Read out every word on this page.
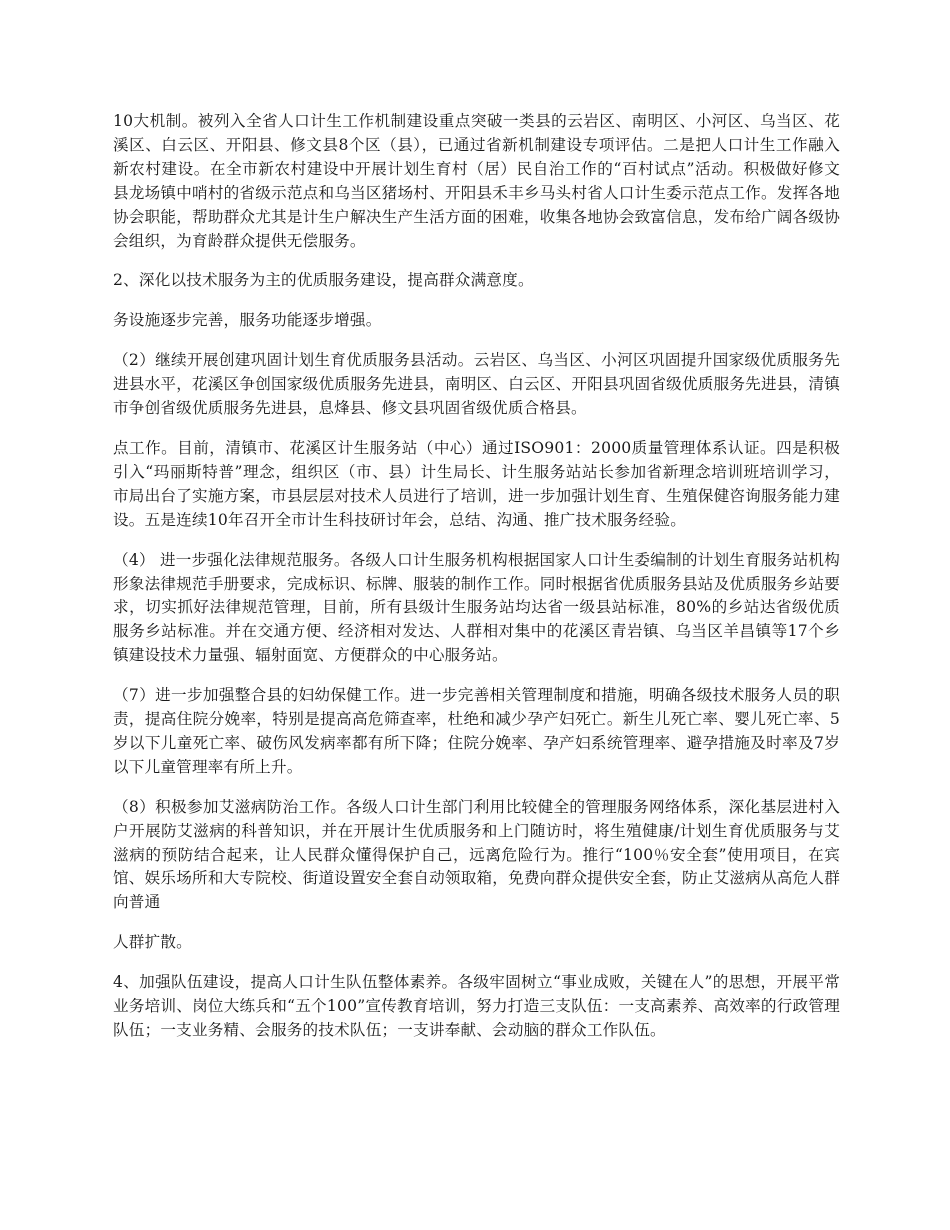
10大机制。被列入全省人口计生工作机制建设重点突破一类县的云岩区、南明区、小河区、乌当区、花溪区、白云区、开阳县、修文县8个区（县），已通过省新机制建设专项评估。二是把人口计生工作融入新农村建设。在全市新农村建设中开展计划生育村（居）民自治工作的“百村试点”活动。积极做好修文县龙场镇中哨村的省级示范点和乌当区猪场村、开阳县禾丰乡马头村省人口计生委示范点工作。发挥各地协会职能，帮助群众尤其是计生户解决生产生活方面的困难，收集各地协会致富信息，发布给广阔各级协会组织，为育龄群众提供无偿服务。

2、深化以技术服务为主的优质服务建设，提高群众满意度。

务设施逐步完善，服务功能逐步增强。

（2）继续开展创建巩固计划生育优质服务县活动。云岩区、乌当区、小河区巩固提升国家级优质服务先进县水平，花溪区争创国家级优质服务先进县，南明区、白云区、开阳县巩固省级优质服务先进县，清镇市争创省级优质服务先进县，息烽县、修文县巩固省级优质合格县。

点工作。目前，清镇市、花溪区计生服务站（中心）通过ISO901：2000质量管理体系认证。四是积极引入“玛丽斯特普”理念，组织区（市、县）计生局长、计生服务站站长参加省新理念培训班培训学习，市局出台了实施方案，市县层层对技术人员进行了培训，进一步加强计划生育、生殖保健咨询服务能力建设。五是连续10年召开全市计生科技研讨年会，总结、沟通、推广技术服务经验。

（4） 进一步强化法律规范服务。各级人口计生服务机构根据国家人口计生委编制的计划生育服务站机构形象法律规范手册要求，完成标识、标牌、服装的制作工作。同时根据省优质服务县站及优质服务乡站要求，切实抓好法律规范管理，目前，所有县级计生服务站均达省一级县站标准，80%的乡站达省级优质服务乡站标准。并在交通方便、经济相对发达、人群相对集中的花溪区青岩镇、乌当区羊昌镇等17个乡镇建设技术力量强、辐射面宽、方便群众的中心服务站。

（7）进一步加强整合县的妇幼保健工作。进一步完善相关管理制度和措施，明确各级技术服务人员的职责，提高住院分娩率，特别是提高高危筛查率，杜绝和减少孕产妇死亡。新生儿死亡率、婴儿死亡率、5岁以下儿童死亡率、破伤风发病率都有所下降；住院分娩率、孕产妇系统管理率、避孕措施及时率及7岁以下儿童管理率有所上升。

（8）积极参加艾滋病防治工作。各级人口计生部门利用比较健全的管理服务网络体系，深化基层进村入户开展防艾滋病的科普知识，并在开展计生优质服务和上门随访时，将生殖健康/计划生育优质服务与艾滋病的预防结合起来，让人民群众懂得保护自己，远离危险行为。推行“100％安全套”使用项目，在宾馆、娱乐场所和大专院校、街道设置安全套自动领取箱，免费向群众提供安全套，防止艾滋病从高危人群向普通

人群扩散。

4、加强队伍建设，提高人口计生队伍整体素养。各级牢固树立“事业成败，关键在人”的思想，开展平常业务培训、岗位大练兵和“五个100”宣传教育培训，努力打造三支队伍：一支高素养、高效率的行政管理队伍；一支业务精、会服务的技术队伍；一支讲奉献、会动脑的群众工作队伍。
